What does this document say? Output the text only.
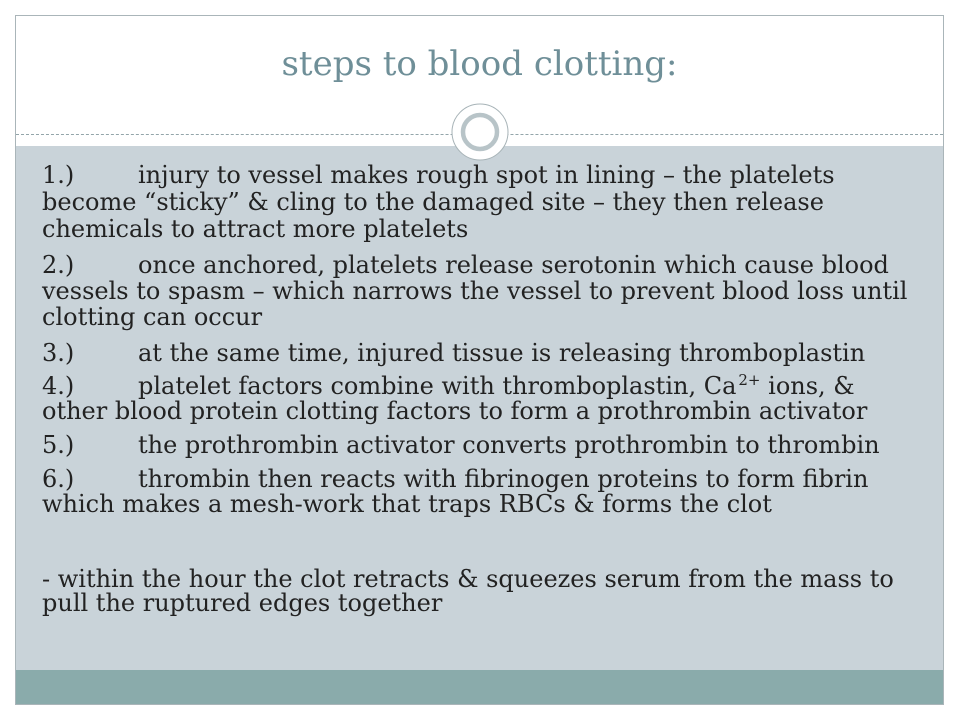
steps to blood clotting:
1.)	injury to vessel makes rough spot in lining – the platelets
become “sticky” & cling to the damaged site – they then release
chemicals to attract more platelets
2.)	once anchored, platelets release serotonin which cause blood
vessels to spasm – which narrows the vessel to prevent blood loss until
clotting can occur
3.)	at the same time, injured tissue is releasing thromboplastin
4.)	platelet factors combine with thromboplastin, Ca $^{2+}$ ions, &
other blood protein clotting factors to form a prothrombin activator
5.)	the prothrombin activator converts prothrombin to thrombin
6.)	thrombin then reacts with fibrinogen proteins to form fibrin
which makes a mesh-work that traps RBCs & forms the clot
- within the hour the clot retracts & squeezes serum from the mass to
pull the ruptured edges together
